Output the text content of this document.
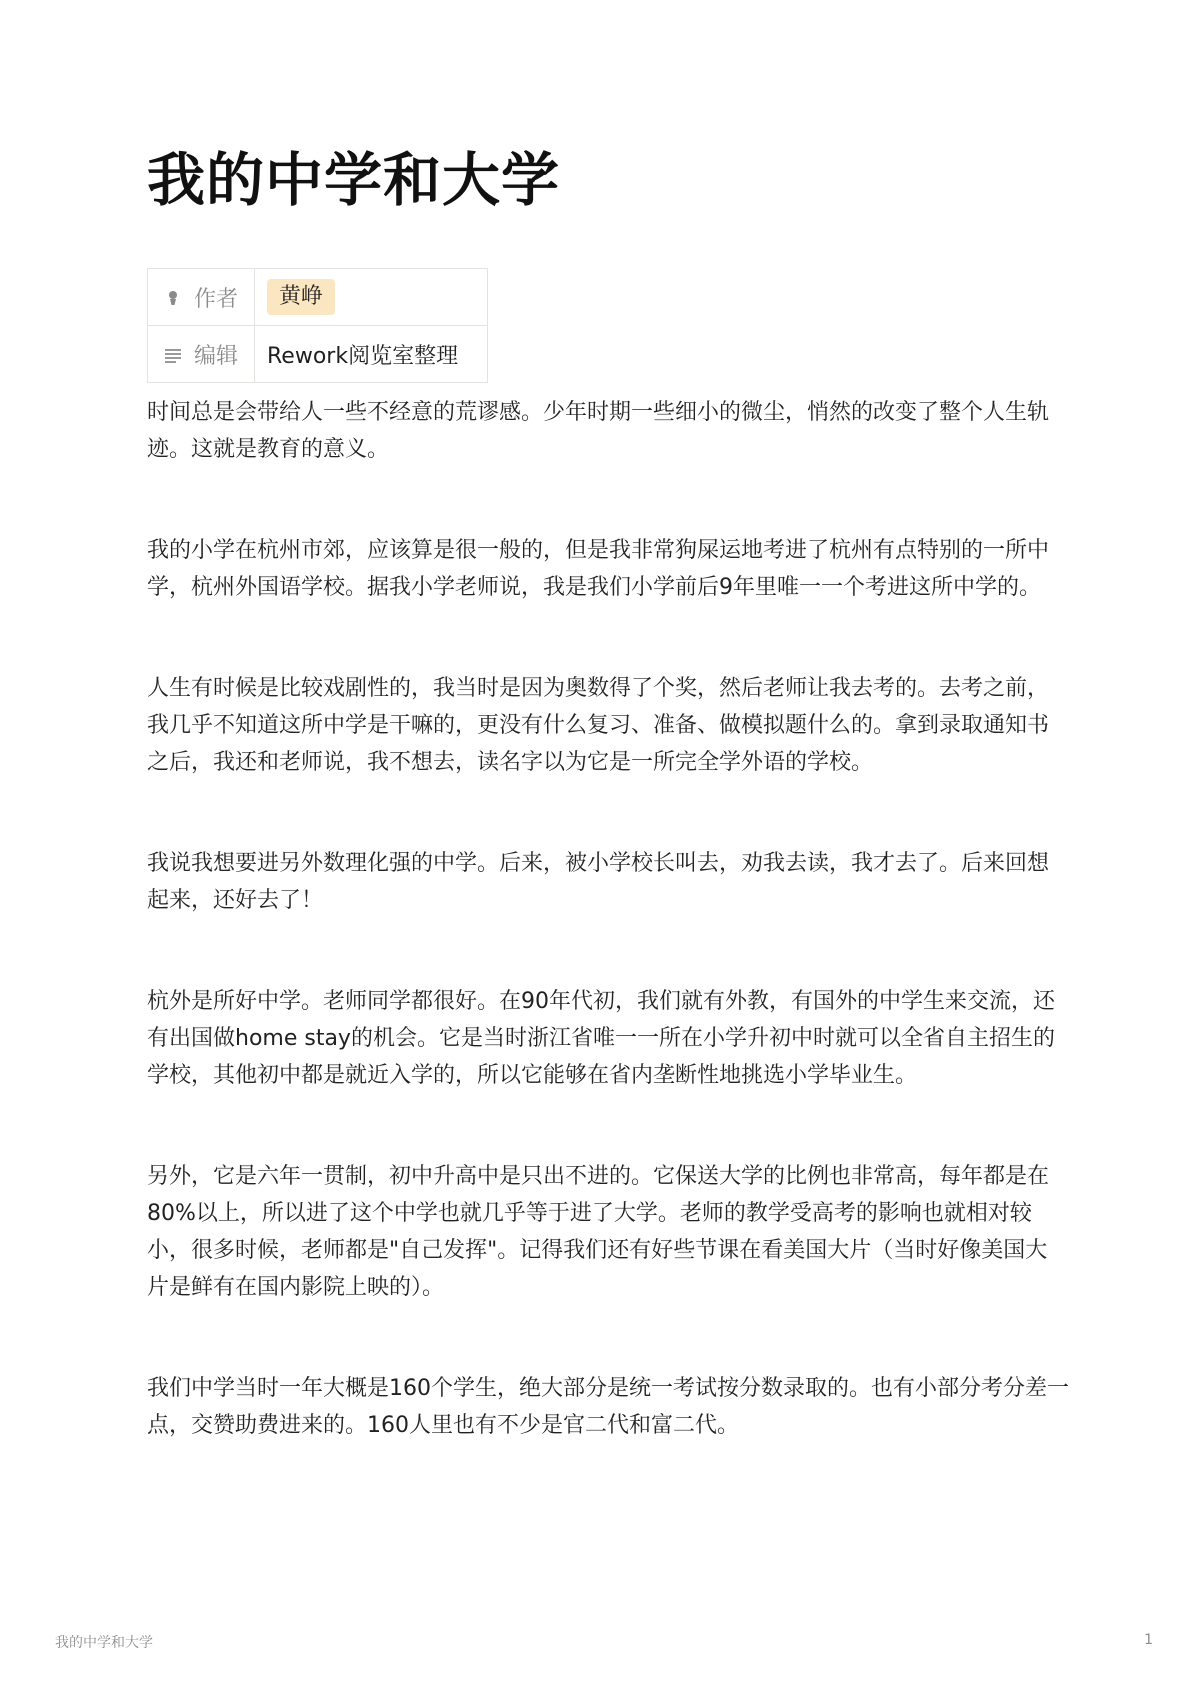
我的中学和大学
作者	黄峥

编辑	Rework阅览室整理

时间总是会带给人一些不经意的荒谬感。少年时期一些细小的微尘，悄然的改变了整个人生轨迹。这就是教育的意义。

我的小学在杭州市郊，应该算是很一般的，但是我非常狗屎运地考进了杭州有点特别的一所中学，杭州外国语学校。据我小学老师说，我是我们小学前后9年里唯一一个考进这所中学的。

人生有时候是比较戏剧性的，我当时是因为奥数得了个奖，然后老师让我去考的。去考之前，我几乎不知道这所中学是干嘛的，更没有什么复习、准备、做模拟题什么的。拿到录取通知书之后，我还和老师说，我不想去，读名字以为它是一所完全学外语的学校。

我说我想要进另外数理化强的中学。后来，被小学校长叫去，劝我去读，我才去了。后来回想起来，还好去了！

杭外是所好中学。老师同学都很好。在90年代初，我们就有外教，有国外的中学生来交流，还有出国做home stay的机会。它是当时浙江省唯一一所在小学升初中时就可以全省自主招生的学校，其他初中都是就近入学的，所以它能够在省内垄断性地挑选小学毕业生。

另外，它是六年一贯制，初中升高中是只出不进的。它保送大学的比例也非常高，每年都是在80%以上，所以进了这个中学也就几乎等于进了大学。老师的教学受高考的影响也就相对较小，很多时候，老师都是"自己发挥"。记得我们还有好些节课在看美国大片（当时好像美国大片是鲜有在国内影院上映的）。

我们中学当时一年大概是160个学生，绝大部分是统一考试按分数录取的。也有小部分考分差一点，交赞助费进来的。160人里也有不少是官二代和富二代。

我的中学和大学	1
